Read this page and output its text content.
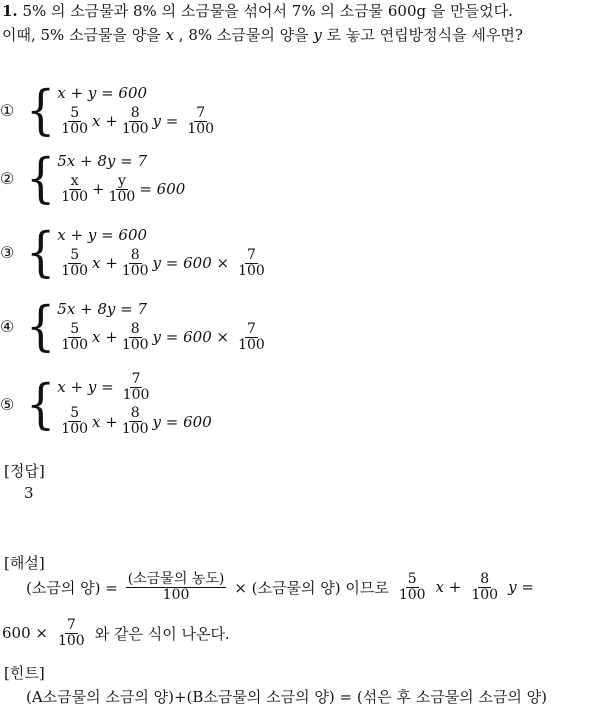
1. 5% 의 소금물과 8% 의 소금물을 섞어서 7% 의 소금물 600g 을 만들었다.
이때, 5% 소금물을 양을 x , 8% 소금물의 양을 y 로 놓고 연립방정식을 세우면?
① { x + y = 600
$\frac{5}{100}$ $x + \frac{8}{100}$ $y = \frac{7}{100}$
② { 5x + 8y = 7
$\frac{x}{100} + \frac{y}{100} = 600$
③ { x + y = 600
$\frac{5}{100}$ $x + \frac{8}{100}$ $y = 600 \times \frac{7}{100}$
④ { 5x + 8y = 7
$\frac{5}{100}$ $x + \frac{8}{100}$ $y = 600 \times \frac{7}{100}$
⑤ { $x + y = \frac{7}{100}$
$\frac{5}{100}$ $x + \frac{8}{100}$ y = 600
[정답]
3
[해설]
(소금의 양) = $\frac{\text{(소금물의 농도)}}{100}$ × (소금물의 양) 이므로 $\frac{5}{100}$ $x + \frac{8}{100}$ y =
$600 \times \frac{7}{100}$ 와 같은 식이 나온다.
[힌트]
(A소금물의 소금의 양)+(B소금물의 소금의 양) = (섞은 후 소금물의 소금의 양)
